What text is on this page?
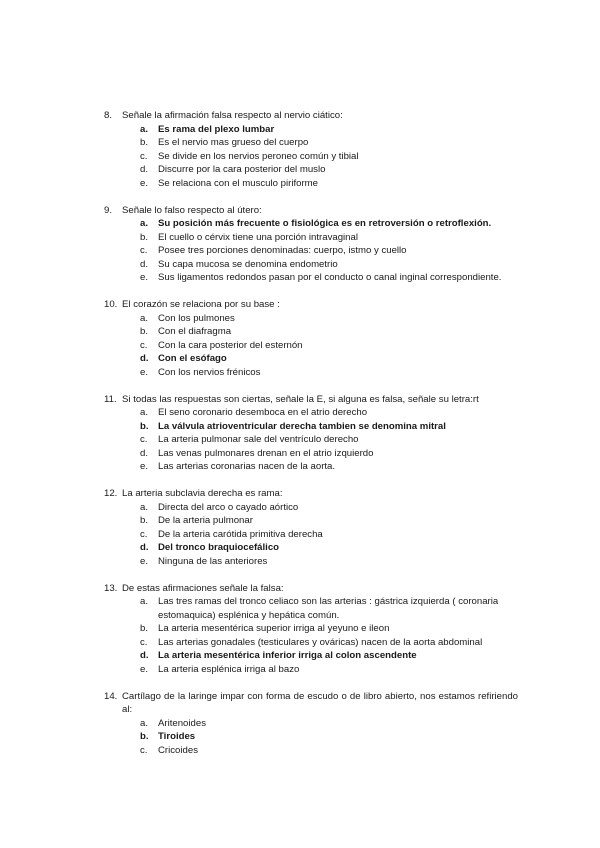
8.	Señale la afirmación falsa respecto al nervio ciático:
a.	Es rama del plexo lumbar
b.	Es el nervio mas grueso del cuerpo
c.	Se divide en los nervios peroneo común y tibial
d.	Discurre por la cara posterior del muslo
e.	Se relaciona con el musculo piriforme
9.	Señale lo falso respecto al útero:
a.	Su posición más frecuente o fisiológica es en retroversión o retroflexión.
b.	El cuello o cérvix tiene una porción intravaginal
c.	Posee tres porciones denominadas: cuerpo, istmo y cuello
d.	Su capa mucosa se denomina endometrio
e.	Sus ligamentos redondos pasan por el conducto o canal inginal correspondiente.
10. El corazón se relaciona por su base :
a.	Con los pulmones
b.	Con el diafragma
c.	Con la cara posterior del esternón
d. Con el esófago
e.	Con los nervios frénicos
11. Si todas las respuestas son ciertas, señale la E, si alguna es falsa, señale su letra:rt
a.	El seno coronario desemboca en el atrio derecho
b. La válvula atrioventricular derecha tambien se denomina mitral
c.	La arteria pulmonar sale del ventrículo derecho
d.	Las venas pulmonares drenan en el atrio izquierdo
e.	Las arterias coronarias nacen de la aorta.
12. La arteria subclavia derecha es rama:
a.	Directa del arco o cayado aórtico
b.	De la arteria pulmonar
c.	De la arteria carótida primitiva derecha
d. Del tronco braquiocefálico
e.	Ninguna de las anteriores
13. De estas afirmaciones señale la falsa:
a.	Las tres ramas del tronco celiaco son las arterias : gástrica izquierda ( coronaria estomaquica) esplénica y hepática común.
b.	La arteria mesentérica superior irriga al yeyuno e ileon
c.	Las arterias gonadales (testiculares y ováricas) nacen de la aorta abdominal
d. La arteria mesentérica inferior irriga al colon ascendente
e.	La arteria esplénica irriga al bazo
14. Cartílago de la laringe impar con forma de escudo o de libro abierto, nos estamos refiriendo al:
a.	Aritenoides
b. Tiroides
c.	Cricoides
